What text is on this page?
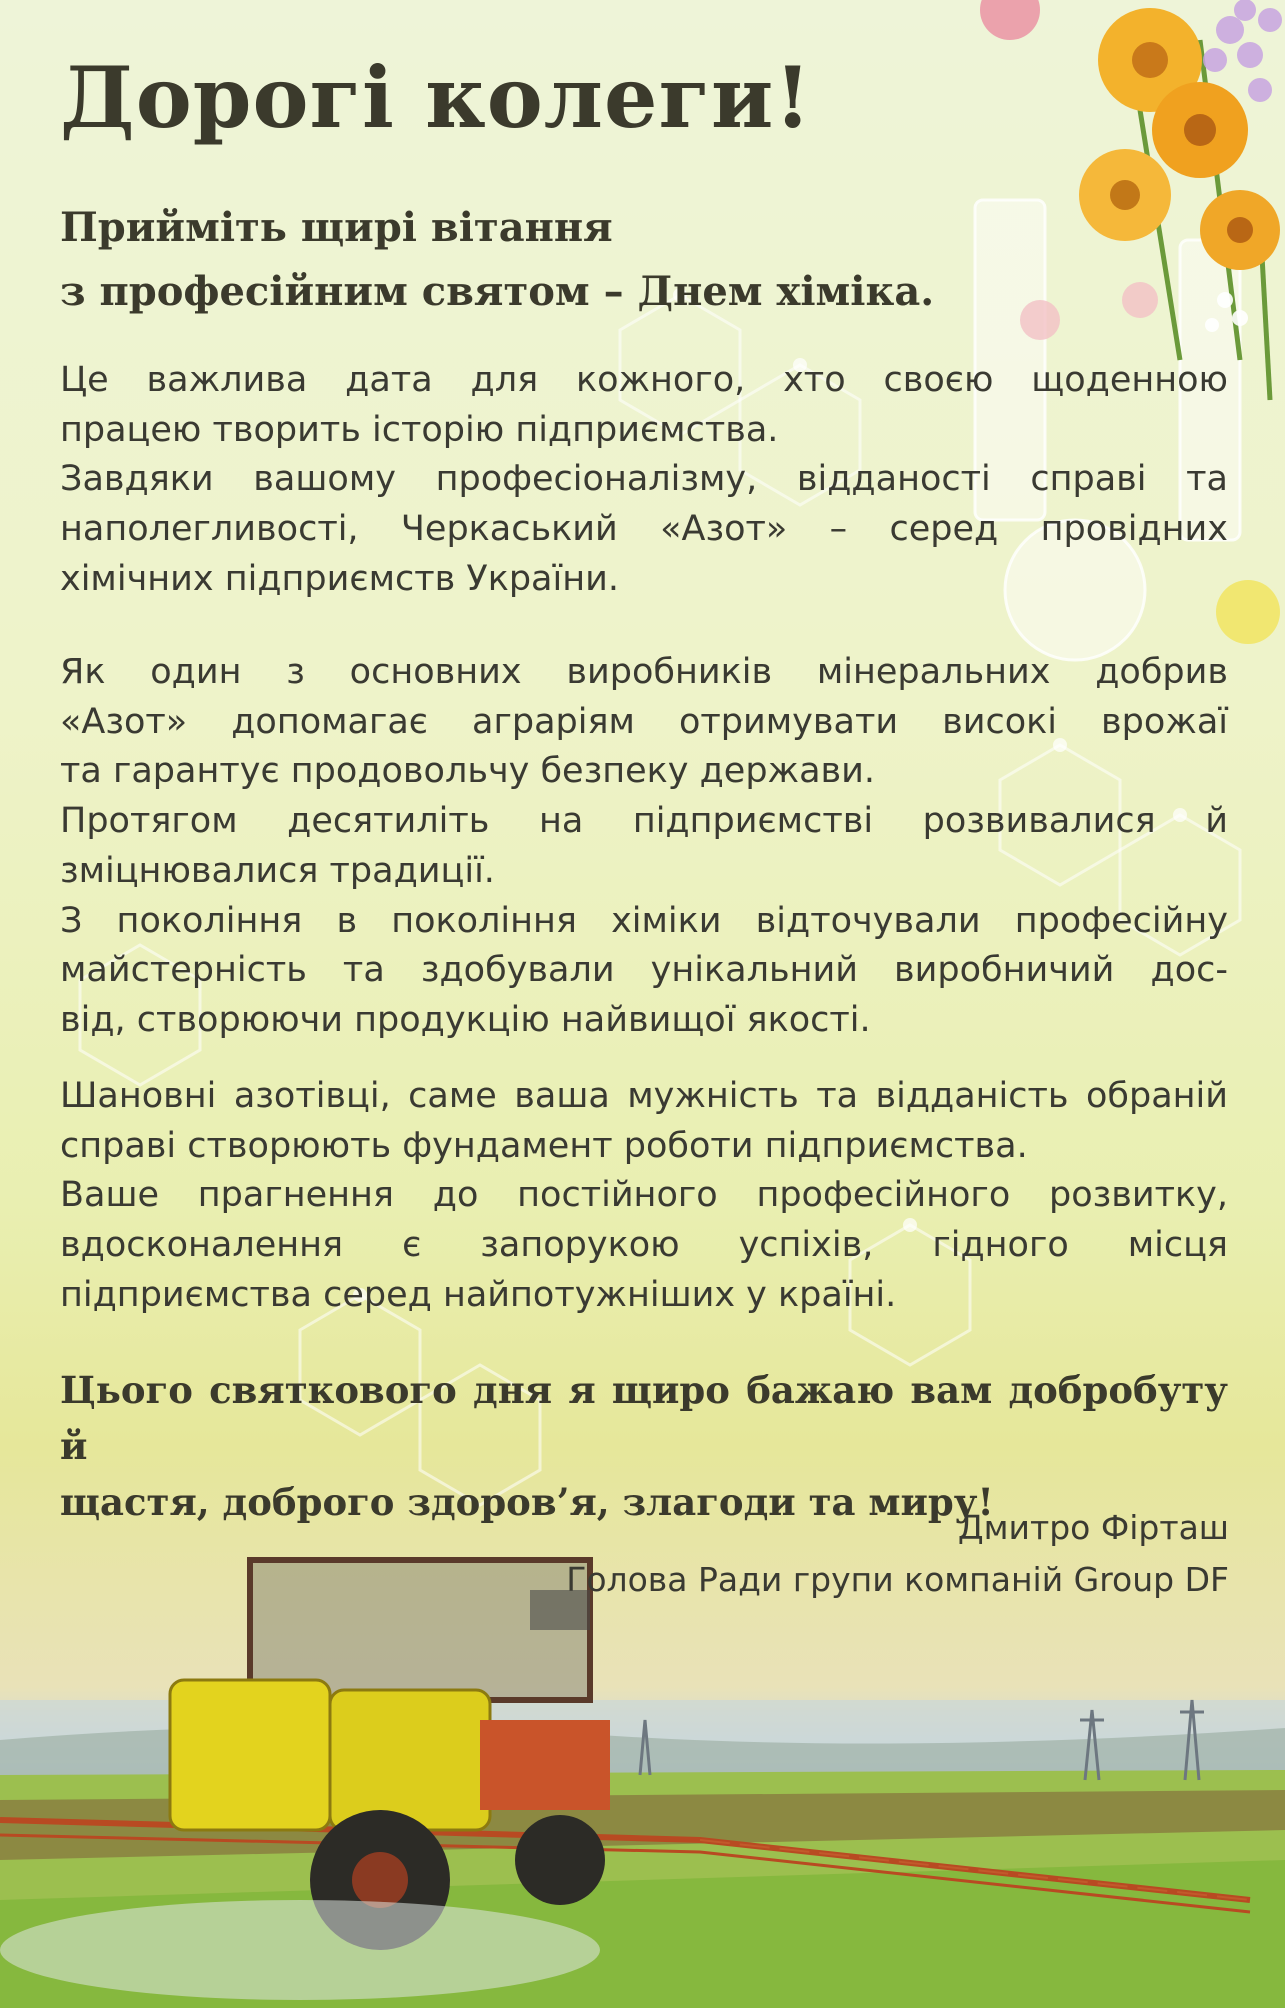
Дорогі колеги!

Прийміть щирі вітання
з професійним святом – Днем хіміка.

Це важлива дата для кожного, хто своєю щоденною
працею творить історію підприємства.
Завдяки вашому професіоналізму, відданості справі та
наполегливості, Черкаський «Азот» – серед провідних
хімічних підприємств України.

Як один з основних виробників мінеральних добрив
«Азот» допомагає аграріям отримувати високі врожаї
та гарантує продовольчу безпеку держави.
Протягом десятиліть на підприємстві розвивалися й
зміцнювалися традиції.
З покоління в покоління хіміки відточували професійну
майстерність та здобували унікальний виробничий дос-
від, створюючи продукцію найвищої якості.

Шановні азотівці, саме ваша мужність та відданість обраній
справі створюють фундамент роботи підприємства.
Ваше прагнення до постійного професійного розвитку,
вдосконалення є запорукою успіхів, гідного місця
підприємства серед найпотужніших у країні.

Цього святкового дня я щиро бажаю вам добробуту й
щастя, доброго здоров’я, злагоди та миру!

Дмитро Фірташ
Голова Ради групи компаній Group DF
